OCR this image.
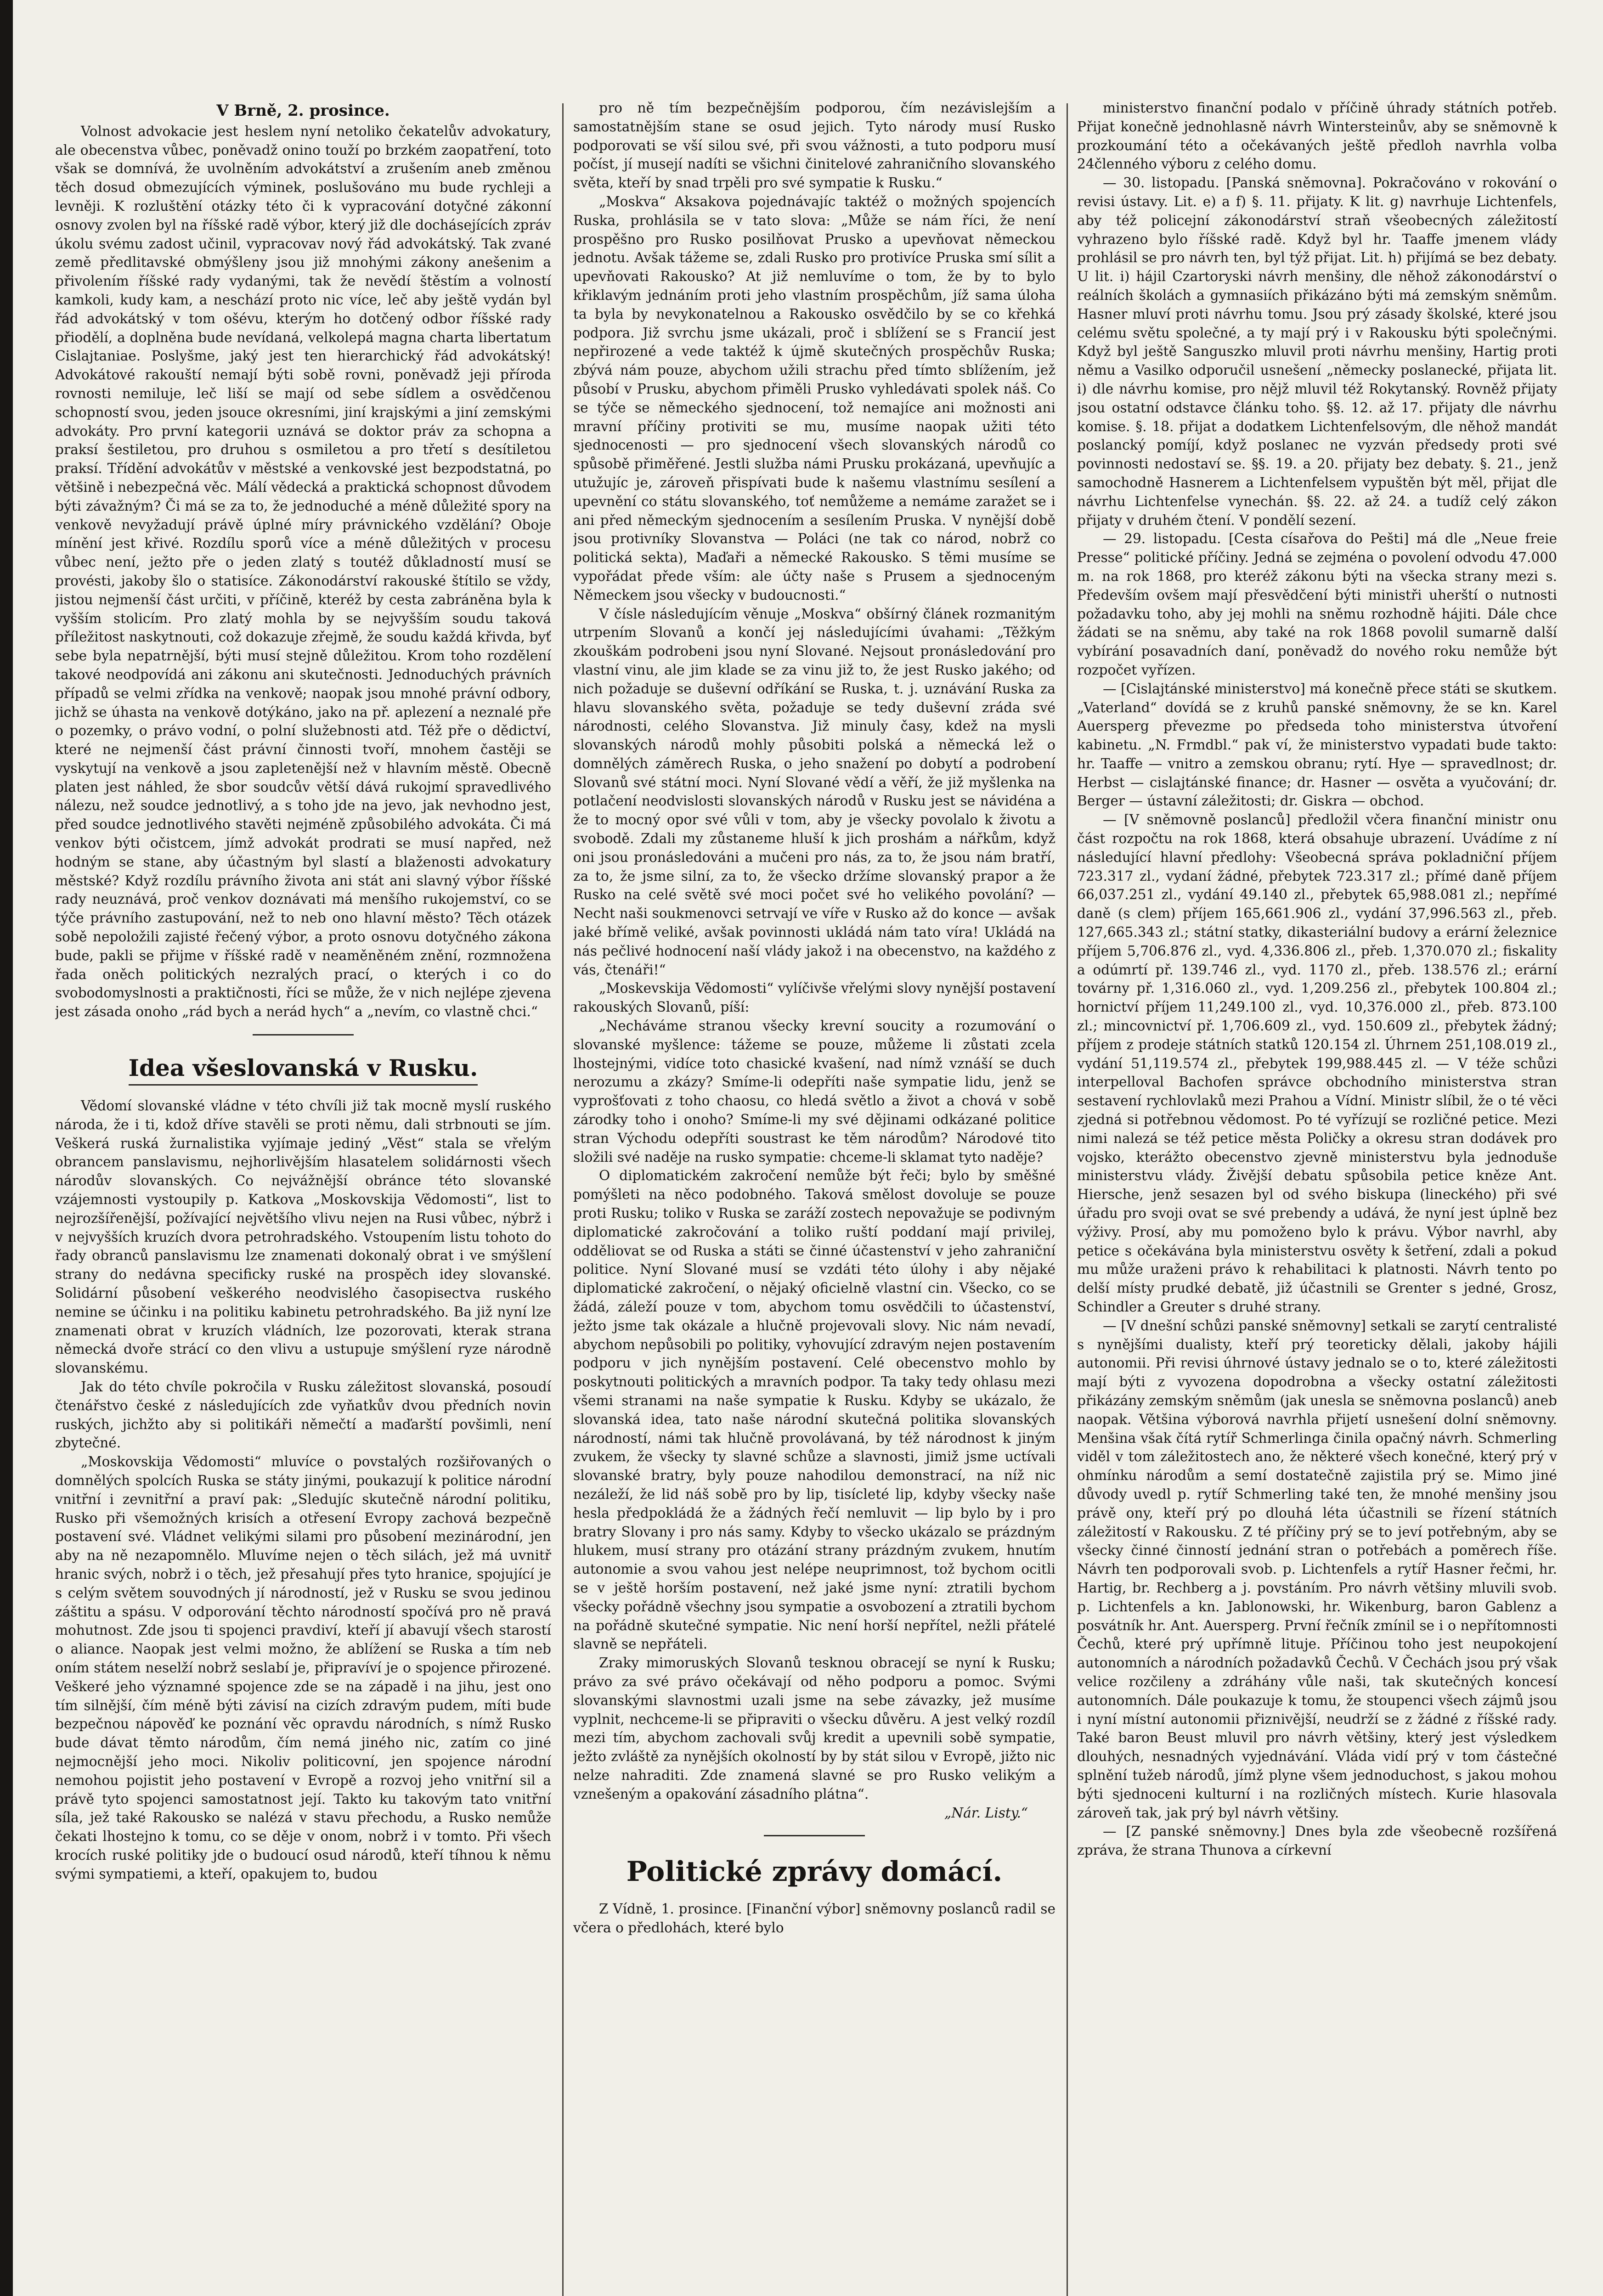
V Brně, 2. prosince.

Volnost advokacie jest heslem nyní netoliko čekatelův advokatury, ale obecenstva vůbec, poněvadž onino touží po brzkém zaopatření, toto však se domnívá, že uvolněním advokátství a zrušením aneb změnou těch dosud obmezujících výminek, poslušováno mu bude rychleji a levněji. K rozluštění otázky této či k vypracování dotyčné zákonní osnovy zvolen byl na říšské radě výbor, který již dle dochásejících zpráv úkolu svému zadost učinil, vypracovav nový řád advokátský. Tak zvané země předlitavské obmýšleny jsou již mnohými zákony anešenim a přivolením říšské rady vydanými, tak že nevědí štěstím a volností kamkoli, kudy kam, a neschází proto nic více, leč aby ještě vydán byl řád advokátský v tom ošévu, kterým ho dotčený odbor říšské rady přiodělí, a doplněna bude nevídaná, velkolepá magna charta libertatum Cislajtaniae. Poslyšme, jaký jest ten hierarchický řád advokátský! Advokátové rakouští nemají býti sobě rovni, poněvadž jeji příroda rovnosti nemiluje, leč liší se mají od sebe sídlem a osvědčenou schopností svou, jeden jsouce okresními, jiní krajskými a jiní zemskými advokáty. Pro první kategorii uznává se doktor práv za schopna a praksí šestiletou, pro druhou s osmiletou a pro třetí s desítiletou praksí. Třídění advokátův v městské a venkovské jest bezpodstatná, po většině i nebezpečná věc. Málí vědecká a praktická schopnost důvodem býti závažným? Či má se za to, že jednoduché a méně důležité spory na venkově nevyžadují právě úplné míry právnického vzdělání? Oboje mínění jest křivé. Rozdílu sporů více a méně důležitých v procesu vůbec není, ježto pře o jeden zlatý s toutéž důkladností musí se provésti, jakoby šlo o statisíce. Zákonodárství rakouské štítilo se vždy, jistou nejmenší část určiti, v příčině, kteréž by cesta zabráněna byla k vyšším stolicím. Pro zlatý mohla by se nejvyšším soudu taková příležitost naskytnouti, což dokazuje zřejmě, že soudu každá křivda, byť sebe byla nepatrnější, býti musí stejně důležitou. Krom toho rozdělení takové neodpovídá ani zákonu ani skutečnosti. Jednoduchých právních případů se velmi zřídka na venkově; naopak jsou mnohé právní odbory, jichž se úhasta na venkově dotýkáno, jako na př. aplezení a neznalé pře o pozemky, o právo vodní, o polní služebnosti atd. Též pře o dědictví, které ne nejmenší část právní činnosti tvoří, mnohem častěji se vyskytují na venkově a jsou zapletenější než v hlavním městě. Obecně platen jest náhled, že sbor soudcův větší dává rukojmí spravedlivého nálezu, než soudce jednotlivý, a s toho jde na jevo, jak nevhodno jest, před soudce jednotlivého stavěti nejméně způsobilého advokáta. Či má venkov býti očistcem, jímž advokát prodrati se musí napřed, než hodným se stane, aby účastným byl slastí a blaženosti advokatury městské? Když rozdílu právního života ani stát ani slavný výbor říšské rady neuznává, proč venkov doznávati má menšího rukojemství, co se týče právního zastupování, než to neb ono hlavní město? Těch otázek sobě nepoložili zajisté řečený výbor, a proto osnovu dotyčného zákona bude, pakli se přijme v říšské radě v neaměněném znění, rozmnožena řada oněch politických nezralých prací, o kterých i co do svobodomyslnosti a praktičnosti, říci se může, že v nich nejlépe zjevena jest zásada onoho „rád bych a nerád hych“ a „nevím, co vlastně chci.“

Idea všeslovanská v Rusku.

Vědomí slovanské vládne v této chvíli již tak mocně myslí ruského národa, že i ti, kdož dříve stavěli se proti němu, dali strbnouti se jím. Veškerá ruská žurnalistika vyjímaje jediný „Věst“ stala se vřelým obrancem panslavismu, nejhorlivějším hlasatelem solidárnosti všech národův slovanských. Co nejvážnější obránce této slovanské vzájemnosti vystoupily p. Katkova „Moskovskija Vědomosti“, list to nejrozšířenější, požívající největšího vlivu nejen na Rusi vůbec, nýbrž i v nejvyšších kruzích dvora petrohradského. Vstoupením listu tohoto do řady obranců panslavismu lze znamenati dokonalý obrat i ve smýšlení strany do nedávna specificky ruské na prospěch idey slovanské. Solidární působení veškerého neodvislého časopisectva ruského nemine se účinku i na politiku kabinetu petrohradského. Ba již nyní lze znamenati obrat v kruzích vládních, lze pozorovati, kterak strana německá dvoře strácí co den vlivu a ustupuje smýšlení ryze národně slovanskému.

Jak do této chvíle pokročila v Rusku záležitost slovanská, posoudí čtenářstvo české z následujících zde vyňatkův dvou předních novin ruských, jichžto aby si politikáři němečtí a maďarští povšimli, není zbytečné.

„Moskovskija Vědomosti“ mluvíce o povstalých rozšiřovaných o domnělých spolcích Ruska se státy jinými, poukazují k politice národní vnitřní i zevnitřní a praví pak: „Sledujíc skutečně národní politiku, Rusko při všemožných krisích a otřesení Evropy zachová bezpečně postavení své. Vládnet velikými silami pro působení mezinárodní, jen aby na ně nezapomnělo. Mluvíme nejen o těch silách, jež má uvnitř hranic svých, nobrž i o těch, jež přesahují přes tyto hranice, spojující je s celým světem souvodných jí národností, jež v Rusku se svou jedinou záštitu a spásu. V odporování těchto národností spočívá pro ně pravá mohutnost. Zde jsou ti spojenci pravdiví, kteří jí abavují všech starostí o aliance. Naopak jest velmi možno, že ablížení se Ruska a tím neb oním státem neselží nobrž seslabí je, připravíví je o spojence přirozené. Veškeré jeho významné spojence zde se na západě i na jihu, jest ono tím silnější, čím méně býti závisí na cizích zdravým pudem, míti bude bezpečnou nápověď ke poznání věc opravdu národních, s nímž Rusko bude dávat těmto národům, čím nemá jiného nic, zatím co jiné nejmocnější jeho moci. Nikoliv politicovní, jen spojence národní nemohou pojistit jeho postavení v Evropě a rozvoj jeho vnitřní sil a právě tyto spojenci samostatnost její. Takto ku takovým tato vnitřní síla, jež také Rakousko se nalézá v stavu přechodu, a Rusko nemůže čekati lhostejno k tomu, co se děje v onom, nobrž i v tomto. Při všech krocích ruské politiky jde o budoucí osud národů, kteří tíhnou k němu svými sympatiemi, a kteří, opakujem to, budou

pro ně tím bezpečnějším podporou, čím nezávislejším a samostatnějším stane se osud jejich. Tyto národy musí Rusko podporovati se vší silou své, při svou vážnosti, a tuto podporu musí počíst, jí musejí nadíti se všichni činitelové zahraničního slovanského světa, kteří by snad trpěli pro své sympatie k Rusku.“

„Moskva“ Aksakova pojednávajíc taktéž o možných spojencích Ruska, prohlásila se v tato slova: „Může se nám říci, že není prospěšno pro Rusko posilňovat Prusko a upevňovat německou jednotu. Avšak tážeme se, zdali Rusko pro protivíce Pruska smí sílit a upevňovati Rakousko? At již nemluvíme o tom, že by to bylo křiklavým jednáním proti jeho vlastním prospěchům, jíž sama úloha ta byla by nevykonatelnou a Rakousko osvědčilo by se co křehká podpora. Již svrchu jsme ukázali, proč i sblížení se s Francií jest nepřirozené a vede taktéž k újmě skutečných prospěchův Ruska; zbývá nám pouze, abychom užili strachu před tímto sblížením, jež působí v Prusku, abychom přiměli Prusko vyhledávati spolek náš. Co se týče se německého sjednocení, tož nemajíce ani možnosti ani mravní příčiny protiviti se mu, musíme naopak užiti této sjednocenosti — pro sjednocení všech slovanských národů co spůsobě přiměřené. Jestli služba námi Prusku prokázaná, upevňujíc a utužujíc je, zároveň přispívati bude k našemu vlastnímu sesílení a upevnění co státu slovanského, toť nemůžeme a nemáme zaražet se i ani před německým sjednocením a sesílením Pruska. V nynější době jsou protivníky Slovanstva — Poláci (ne tak co národ, nobrž co politická sekta), Maďaři a německé Rakousko. S těmi musíme se vypořádat přede vším: ale účty naše s Prusem a sjednoceným Německem jsou všecky v budoucnosti.“

V čísle následujícím věnuje „Moskva“ obšírný článek rozmanitým utrpením Slovanů a končí jej následujícími úvahami: „Těžkým zkouškám podrobeni jsou nyní Slované. Nejsout pronásledování pro vlastní vinu, ale jim klade se za vinu již to, že jest Rusko jakého; od nich požaduje se duševní odříkání se Ruska, t. j. uznávání Ruska za hlavu slovanského světa, požaduje se tedy duševní zráda své národnosti, celého Slovanstva. Již minuly časy, kdež na mysli slovanských národů mohly působiti polská a německá lež o domnělých záměrech Ruska, o jeho snažení po dobytí a podrobení Slovanů své státní moci. Nyní Slované vědí a věří, že již myšlenka na potlačení neodvislosti slovanských národů v Rusku jest se návidéna a že to mocný opor své vůli v tom, aby je všecky povolalo k životu a svobodě. Zdali my zůstaneme hluší k jich proshám a nářkům, když oni jsou pronásledováni a mučeni pro nás, za to, že jsou nám bratří, za to, že jsme silní, za to, že všecko držíme slovanský prapor a že Rusko na celé světě své moci počet své ho velikého povolání? — Necht naši soukmenovci setrvají ve víře v Rusko až do konce — avšak jaké břímě veliké, avšak povinnosti ukládá nám tato víra! Ukládá na nás pečlivé hodnocení naší vlády jakož i na obecenstvo, na každého z vás, čtenáři!“

„Moskevskija Vědomosti“ vylíčivše vřelými slovy nynější postavení rakouských Slovanů, píší:

„Necháváme stranou všecky krevní soucity a rozumování o slovanské myšlence: tážeme se pouze, můžeme li zůstati zcela lhostejnými, vidíce toto chasické kvašení, nad nímž vznáší se duch nerozumu a zkázy? Smíme-li odepříti naše sympatie lidu, jenž se vyprošťovati z toho chaosu, co hledá světlo a život a chová v sobě zárodky toho i onoho? Smíme-li my své dějinami odkázané politice stran Východu odepříti soustrast ke těm národům? Národové tito složili své naděje na rusko sympatie: chceme-li sklamat tyto naděje?

O diplomatickém zakročení nemůže být řeči; bylo by směšné pomýšleti na něco podobného. Taková smělost dovoluje se pouze proti Rusku; toliko v Ruska se zaráží zostech nepovažuje se podivným diplomatické zakročování a toliko ruští poddaní mají privilej, odděliovat se od Ruska a státi se činné účastenství v jeho zahraniční politice. Nyní Slované musí se vzdáti této úlohy i aby nějaké diplomatické zakročení, o nějaký oficielně vlastní cin. Všecko, co se žádá, záleží pouze v tom, abychom tomu osvědčili to účastenství, ježto jsme tak okázale a hlučně projevovali slovy. Nic nám nevadí, abychom nepůsobili po politiky, vyhovující zdravým nejen postavením podporu v jich nynějším postavení. Celé obecenstvo mohlo by poskytnouti politických a mravních podpor. Ta taky tedy ohlasu mezi všemi stranami na naše sympatie k Rusku. Kdyby se ukázalo, že slovanská idea, tato naše národní skutečná politika slovanských národností, námi tak hlučně provolávaná, by též národnost k jiným zvukem, že všecky ty slavné schůze a slavnosti, jimiž jsme uctívali slovanské bratry, byly pouze nahodilou demonstrací, na níž nic nezáleží, že lid náš sobě pro by lip, tisícleté lip, kdyby všecky naše hesla předpokládá že a žádných řečí nemluvit — lip bylo by i pro bratry Slovany i pro nás samy. Kdyby to všecko ukázalo se prázdným hlukem, musí strany pro otázání strany prázdným zvukem, hnutím autonomie a svou vahou jest nelépe neuprimnost, tož bychom ocitli se v ještě horším postavení, než jaké jsme nyní: ztratili bychom všecky pořádně všechny jsou sympatie a osvobození a ztratili bychom na pořádně skutečné sympatie. Nic není horší nepřítel, nežli přátelé slavně se nepřáteli.

Zraky mimoruských Slovanů tesknou obracejí se nyní k Rusku; právo za své právo očekávají od něho podporu a pomoc. Svými slovanskými slavnostmi uzali jsme na sebe závazky, jež musíme vyplnit, nechceme-li se připraviti o všecku důvěru. A jest velký rozdíl mezi tím, abychom zachovali svůj kredit a upevnili sobě sympatie, ježto zvláště za nynějších okolností by by stát silou v Evropě, jižto nic nelze nahraditi. Zde znamená slavné se pro Rusko velikým a vznešeným a opakování zásadního plátna“.

„Nár. Listy.“
Politické zprávy domácí.

Z Vídně, 1. prosince. [Finanční výbor] sněmovny poslanců radil se včera o předlohách, které bylo

ministerstvo finanční podalo v příčině úhrady státních potřeb. Přijat konečně jednohlasně návrh Wintersteinův, aby se sněmovně k prozkoumání této a očekávaných ještě předloh navrhla volba 24členného výboru z celého domu.

— 30. listopadu. [Panská sněmovna]. Pokračováno v rokování o revisi ústavy. Lit. e) a f) §. 11. přijaty. K lit. g) navrhuje Lichtenfels, aby též policejní zákonodárství straň všeobecných záležitostí vyhrazeno bylo říšské radě. Když byl hr. Taaffe jmenem vlády prohlásil se pro návrh ten, byl týž přijat. Lit. h) přijímá se bez debaty. U lit. i) hájil Czartoryski návrh menšiny, dle něhož zákonodárství o reálních školách a gymnasiích přikázáno býti má zemským sněmům. Hasner mluví proti návrhu tomu. Jsou prý zásady školské, které jsou celému světu společné, a ty mají prý i v Rakousku býti společnými. Když byl ještě Sanguszko mluvil proti návrhu menšiny, Hartig proti němu a Vasilko odporučil usnešení „německy poslanecké, přijata lit. i) dle návrhu komise, pro nějž mluvil též Rokytanský. Rovněž přijaty jsou ostatní odstavce článku toho. §§. 12. až 17. přijaty dle návrhu komise. §. 18. přijat a dodatkem Lichtenfelsovým, dle něhož mandát poslancký pomíjí, když poslanec ne vyzván předsedy proti své povinnosti nedostaví se. §§. 19. a 20. přijaty bez debaty. §. 21., jenž samochodně Hasnerem a Lichtenfelsem vypuštěn být měl, přijat dle návrhu Lichtenfelse vynechán. §§. 22. až 24. a tudíž celý zákon přijaty v druhém čtení. V pondělí sezení.

— 29. listopadu. [Cesta císařova do Pešti] má dle „Neue freie Presse“ politické příčiny. Jedná se zejména o povolení odvodu 47.000 m. na rok 1868, pro kteréž zákonu býti na všecka strany mezi s. Především ovšem mají přesvědčení býti ministři uherští o nutnosti požadavku toho, aby jej mohli na sněmu rozhodně hájiti. Dále chce žádati se na sněmu, aby také na rok 1868 povolil sumarně další vybírání posavadních daní, poněvadž do nového roku nemůže být rozpočet vyřízen.

— [Cislajtánské ministerstvo] má konečně přece státi se skutkem. „Vaterland“ dovídá se z kruhů panské sněmovny, že se kn. Karel Auersperg převezme po předseda toho ministerstva útvoření kabinetu. „N. Frmdbl.“ pak ví, že ministerstvo vypadati bude takto: hr. Taaffe — vnitro a zemskou obranu; rytí. Hye — spravedlnost; dr. Herbst — cislajtánské finance; dr. Hasner — osvěta a vyučování; dr. Berger — ústavní záležitosti; dr. Giskra — obchod.

— [V sněmovně poslanců] předložil včera finanční ministr onu část rozpočtu na rok 1868, která obsahuje ubrazení. Uvádíme z ní následující hlavní předlohy: Všeobecná správa pokladniční příjem 723.317 zl., vydaní žádné, přebytek 723.317 zl.; přímé daně příjem 66,037.251 zl., vydání 49.140 zl., přebytek 65,988.081 zl.; nepřímé daně (s clem) příjem 165,661.906 zl., vydání 37,996.563 zl., přeb. 127,665.343 zl.; státní statky, dikasteriální budovy a erární železnice příjem 5,706.876 zl., vyd. 4,336.806 zl., přeb. 1,370.070 zl.; fiskality a odúmrtí př. 139.746 zl., vyd. 1170 zl., přeb. 138.576 zl.; erární továrny př. 1,316.060 zl., vyd. 1,209.256 zl., přebytek 100.804 zl.; hornictví příjem 11,249.100 zl., vyd. 10,376.000 zl., přeb. 873.100 zl.; mincovnictví př. 1,706.609 zl., vyd. 150.609 zl., přebytek žádný; příjem z prodeje státních statků 120.154 zl. Úhrnem 251,108.019 zl., vydání 51,119.574 zl., přebytek 199,988.445 zl. — V téže schůzi interpelloval Bachofen správce obchodního ministerstva stran sestavení rychlovlaků mezi Prahou a Vídní. Ministr slíbil, že o té věci zjedná si potřebnou vědomost. Po té vyřízují se rozličné petice. Mezi nimi nalezá se též petice města Poličky a okresu stran dodávek pro vojsko, kterážto obecenstvo zjevně ministerstvu byla jednoduše ministerstvu vlády. Živější debatu spůsobila petice kněze Ant. Hiersche, jenž sesazen byl od svého biskupa (lineckého) při své úřadu pro svoji ovat se své prebendy a udává, že nyní jest úplně bez výživy. Prosí, aby mu pomoženo bylo k právu. Výbor navrhl, aby petice s očekávána byla ministerstvu osvěty k šetření, zdali a pokud mu může uraženi právo k rehabilitaci k platnosti. Návrh tento po delší místy prudké debatě, již účastnili se Grenter s jedné, Grosz, Schindler a Greuter s druhé strany.

— [V dnešní schůzi panské sněmovny] setkali se zarytí centralisté s nynějšími dualisty, kteří prý teoreticky dělali, jakoby hájili autonomii. Při revisi úhrnové ústavy jednalo se o to, které záležitosti mají býti z vyvozena dopodrobna a všecky ostatní záležitosti přikázány zemským sněmům (jak unesla se sněmovna poslanců) aneb naopak. Většina výborová navrhla přijetí usnešení dolní sněmovny. Menšina však čítá rytíř Schmerlinga činila opačný návrh. Schmerling viděl v tom záležitostech ano, že některé všech konečné, který prý v ohmínku národům a semí dostatečně zajistila prý se. Mimo jiné důvody uvedl p. rytíř Schmerling také ten, že mnohé menšiny jsou právě ony, kteří prý po dlouhá léta účastnili se řízení státních záležitostí v Rakousku. Z té příčiny prý se to jeví potřebným, aby se všecky činné činností jednání stran o potřebách a poměrech říše. Návrh ten podporovali svob. p. Lichtenfels a rytíř Hasner řečmi, hr. Hartig, br. Rechberg a j. povstáním. Pro návrh většiny mluvili svob. p. Lichtenfels a kn. Jablonowski, hr. Wikenburg, baron Gablenz a posvátník hr. Ant. Auersperg. První řečník zmínil se i o nepřítomnosti Čechů, které prý upřímně lituje. Příčinou toho jest neupokojení autonomních a národních požadavků Čechů. V Čechách jsou prý však velice rozčileny a zdráhány vůle naši, tak skutečných koncesí autonomních. Dále poukazuje k tomu, že stoupenci všech zájmů jsou i nyní místní autonomii přiznivější, neudrží se z žádné z říšské rady. Také baron Beust mluvil pro návrh většiny, který jest výsledkem dlouhých, nesnadných vyjednávání. Vláda vidí prý v tom částečné splnění tužeb národů, jímž plyne všem jednoduchost, s jakou mohou býti sjednoceni kulturní i na rozličných místech. Kurie hlasovala zároveň tak, jak prý byl návrh většiny.

— [Z panské sněmovny.] Dnes byla zde všeobecně rozšířená zpráva, že strana Thunova a církevní
